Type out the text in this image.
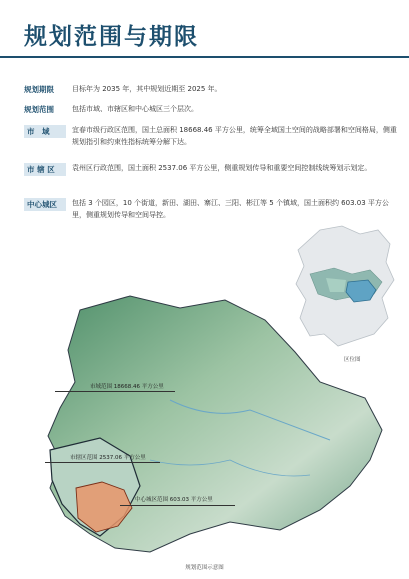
规划范围与期限
规划期限	目标年为 2035 年，其中规划近期至 2025 年。
规划范围	包括市域、市辖区和中心城区三个层次。
市　域	宜春市级行政区范围，国土总面积 18668.46 平方公里，统筹全域国土空间的战略部署和空间格局，侧重规划指引和约束性指标统筹分解下达。
市 辖 区	袁州区行政范围，国土面积 2537.06 平方公里，侧重规划传导和重要空间控制线统筹划示划定。
中心城区	包括 3 个园区，10 个街道，新田、湖田、寨江、三阳、彬江等 5 个镇域，国土面积约 603.03 平方公里，侧重规划传导和空间导控。
区位图
市域范围 18668.46 平方公里
市辖区范围 2537.06 平方公里
中心城区范围 603.03 平方公里
规划范围示意图
